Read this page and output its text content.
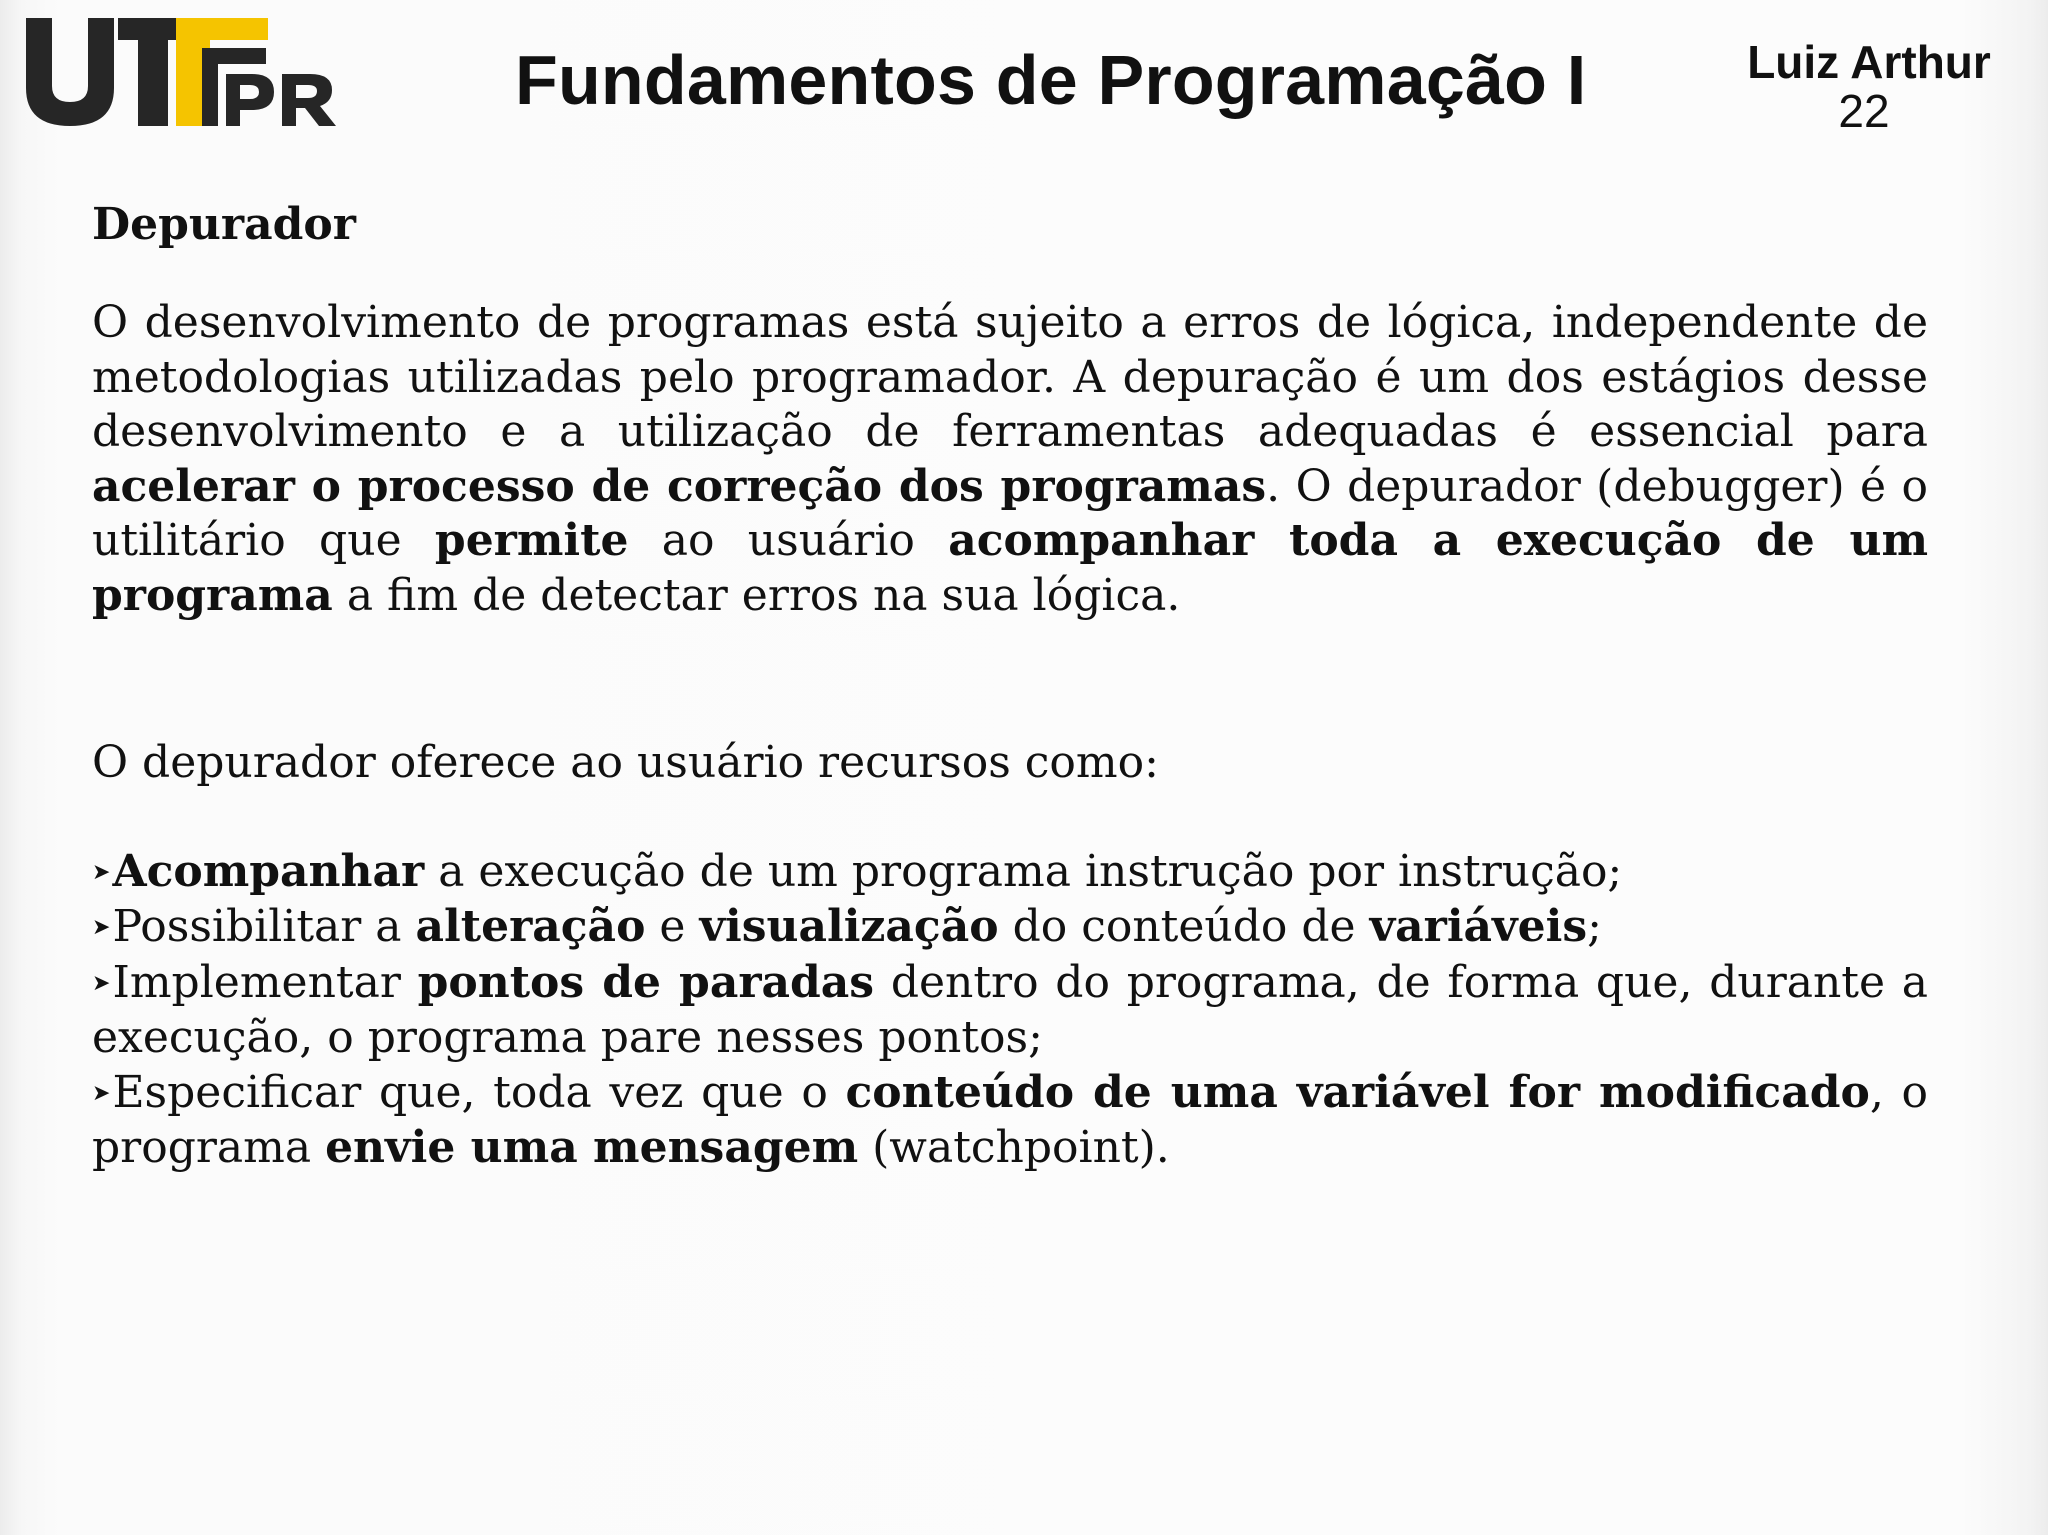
Fundamentos de Programação I	Luiz Arthur
22

Depurador

O desenvolvimento de programas está sujeito a erros de lógica, independente de metodologias utilizadas pelo programador. A depuração é um dos estágios desse desenvolvimento e a utilização de ferramentas adequadas é essencial para acelerar o processo de correção dos programas. O depurador (debugger) é o utilitário que permite ao usuário acompanhar toda a execução de um programa a fim de detectar erros na sua lógica.

O depurador oferece ao usuário recursos como:

➤Acompanhar a execução de um programa instrução por instrução;

➤Possibilitar a alteração e visualização do conteúdo de variáveis;

➤Implementar pontos de paradas dentro do programa, de forma que, durante a execução, o programa pare nesses pontos;

➤Especificar que, toda vez que o conteúdo de uma variável for modificado, o programa envie uma mensagem (watchpoint).
